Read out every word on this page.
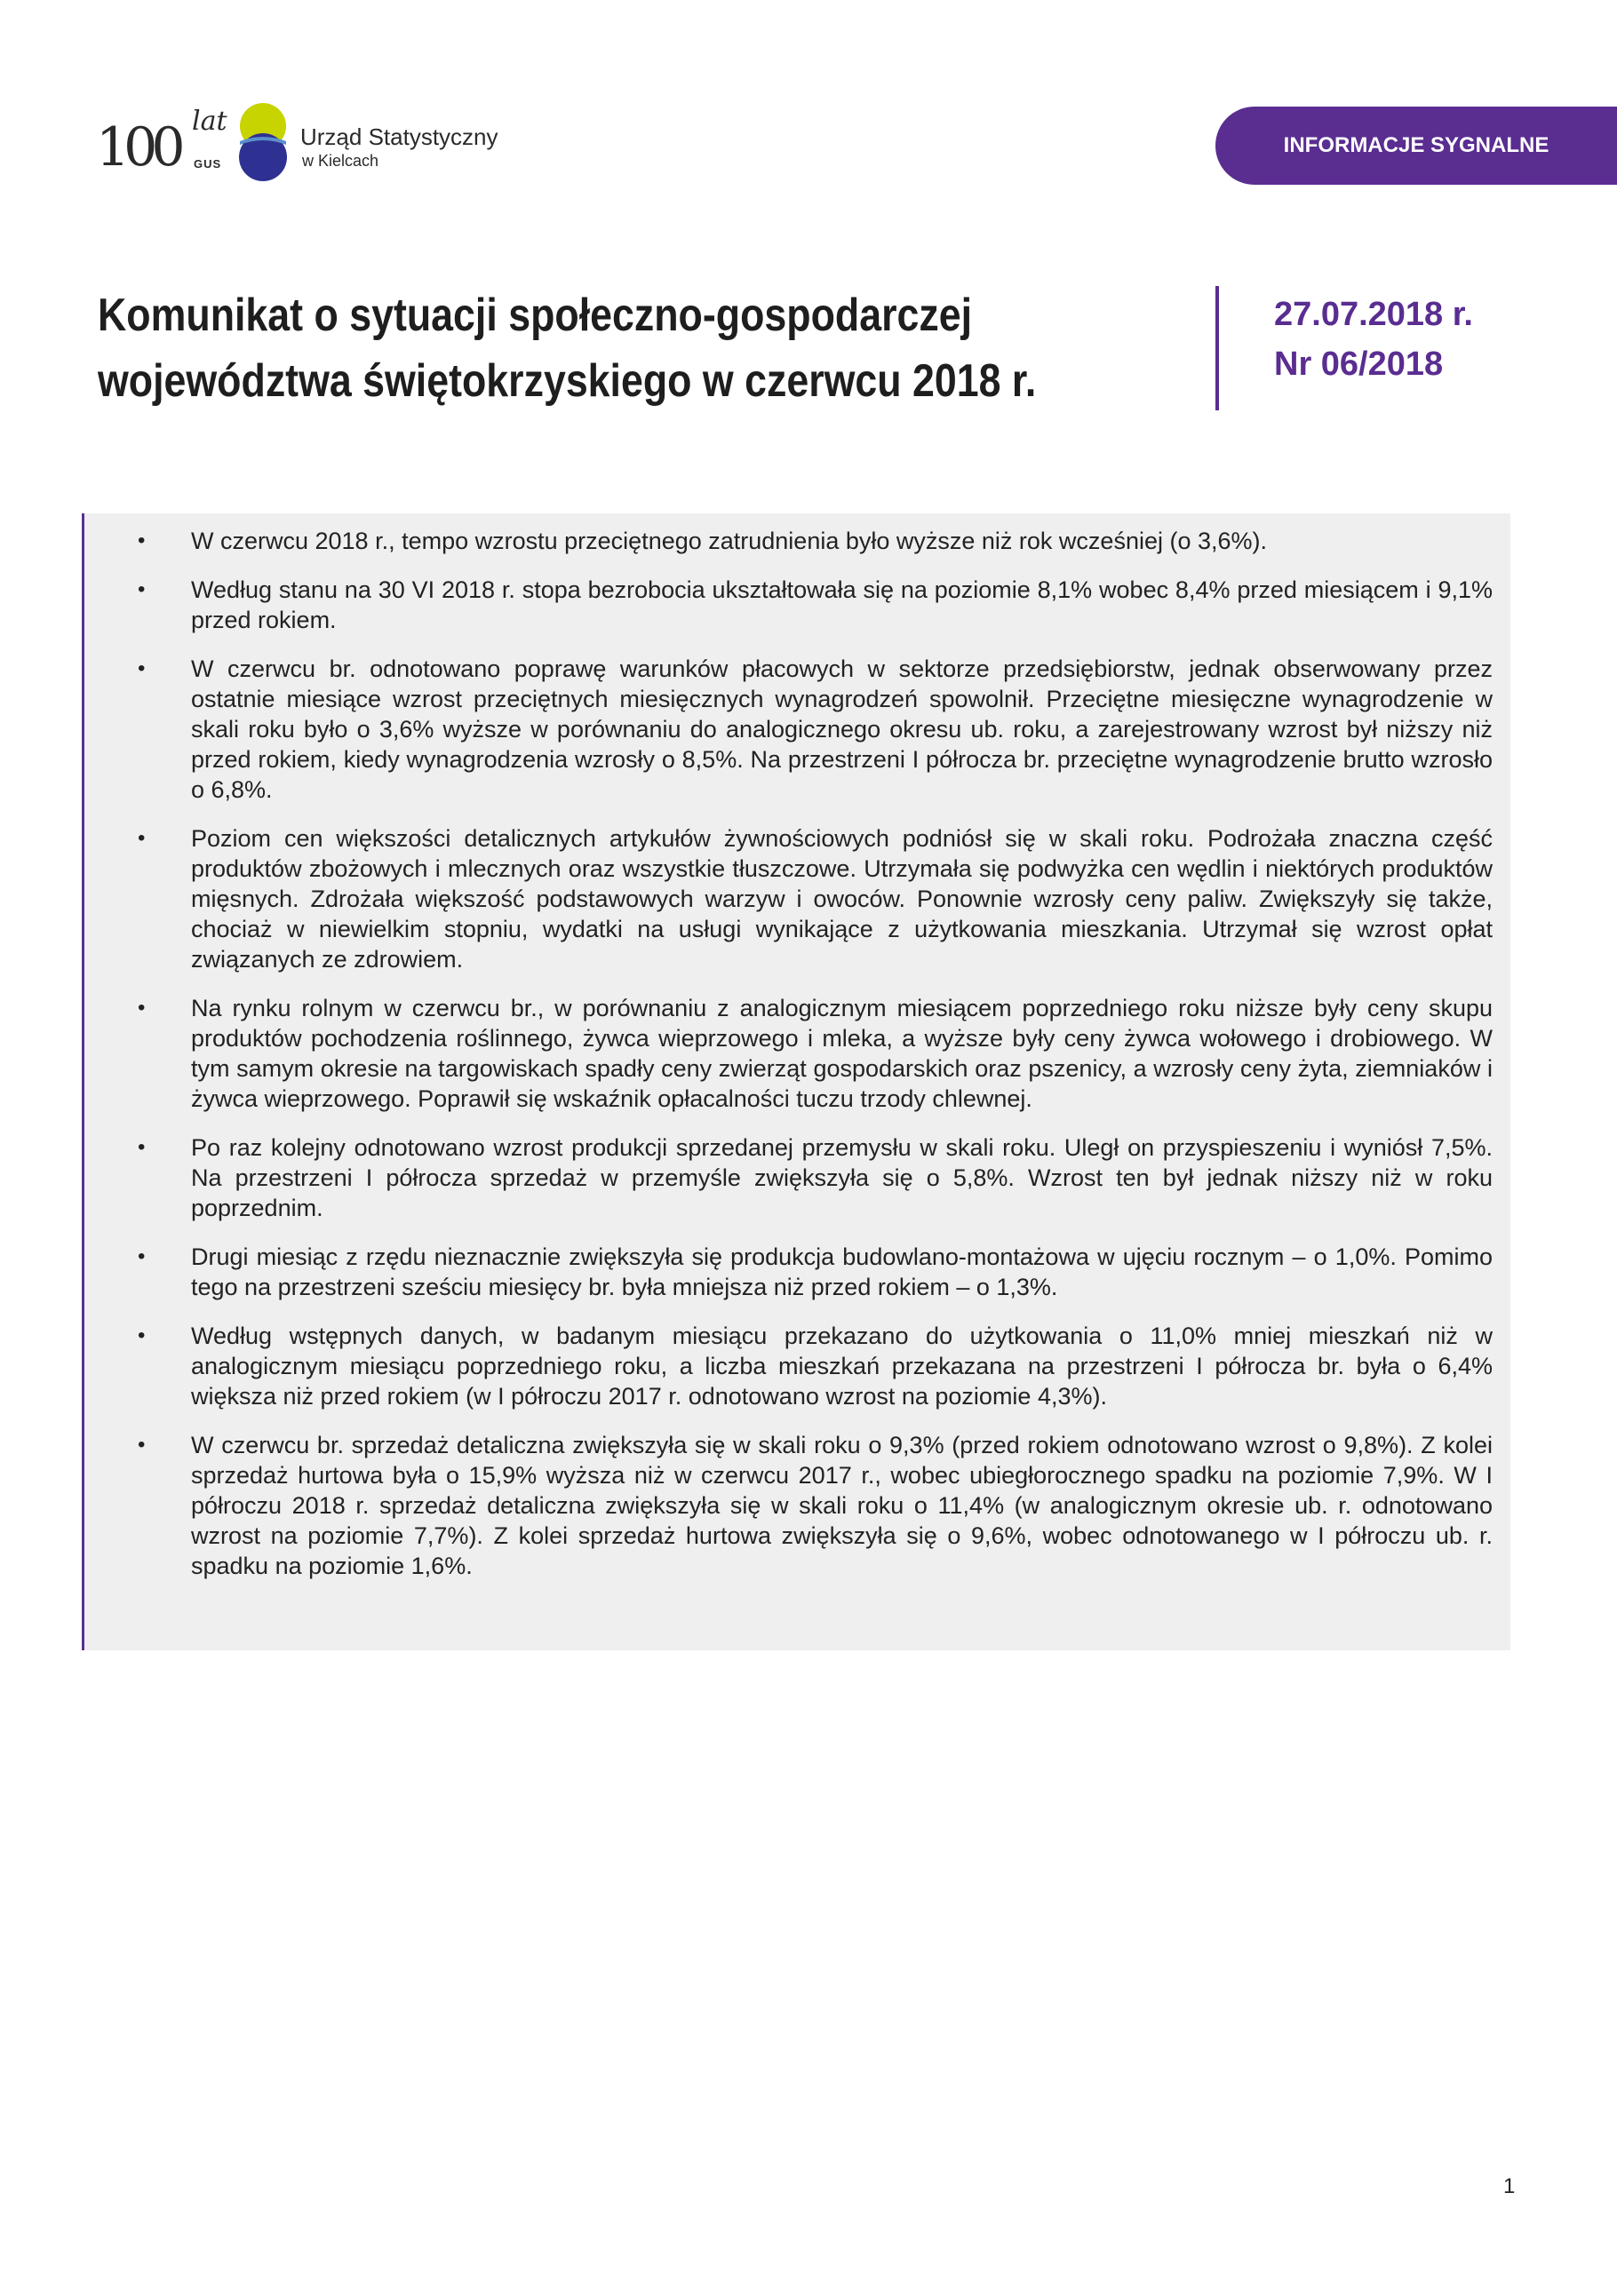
100 lat
GUS
Urząd Statystyczny
w Kielcach
INFORMACJE SYGNALNE
Komunikat o sytuacji społeczno-gospodarczej
województwa świętokrzyskiego w czerwcu 2018 r.

27.07.2018 r.

Nr 06/2018

• W czerwcu 2018 r., tempo wzrostu przeciętnego zatrudnienia było wyższe niż rok wcześniej (o 3,6%).
• Według stanu na 30 VI 2018 r. stopa bezrobocia ukształtowała się na poziomie 8,1% wobec 8,4% przed miesiącem i 9,1% przed rokiem.
• W czerwcu br. odnotowano poprawę warunków płacowych w sektorze przedsiębiorstw, jednak obserwowany przez ostatnie miesiące wzrost przeciętnych miesięcznych wynagrodzeń spowolnił. Przeciętne miesięczne wynagrodzenie w skali roku było o 3,6% wyższe w porównaniu do analogicznego okresu ub. roku, a zarejestrowany wzrost był niższy niż przed rokiem, kiedy wynagrodzenia wzrosły o 8,5%. Na przestrzeni I półrocza br. przeciętne wynagrodzenie brutto wzrosło o 6,8%.
• Poziom cen większości detalicznych artykułów żywnościowych podniósł się w skali roku. Podrożała znaczna część produktów zbożowych i mlecznych oraz wszystkie tłuszczowe. Utrzymała się podwyżka cen wędlin i niektórych produktów mięsnych. Zdrożała większość podstawowych warzyw i owoców. Ponownie wzrosły ceny paliw. Zwiększyły się także, chociaż w niewielkim stopniu, wydatki na usługi wynikające z użytkowania mieszkania. Utrzymał się wzrost opłat związanych ze zdrowiem.
• Na rynku rolnym w czerwcu br., w porównaniu z analogicznym miesiącem poprzedniego roku niższe były ceny skupu produktów pochodzenia roślinnego, żywca wieprzowego i mleka, a wyższe były ceny żywca wołowego i drobiowego. W tym samym okresie na targowiskach spadły ceny zwierząt gospodarskich oraz pszenicy, a wzrosły ceny żyta, ziemniaków i żywca wieprzowego. Poprawił się wskaźnik opłacalności tuczu trzody chlewnej.
• Po raz kolejny odnotowano wzrost produkcji sprzedanej przemysłu w skali roku. Uległ on przyspieszeniu i wyniósł 7,5%. Na przestrzeni I półrocza sprzedaż w przemyśle zwiększyła się o 5,8%. Wzrost ten był jednak niższy niż w roku poprzednim.
• Drugi miesiąc z rzędu nieznacznie zwiększyła się produkcja budowlano-montażowa w ujęciu rocznym – o 1,0%. Pomimo tego na przestrzeni sześciu miesięcy br. była mniejsza niż przed rokiem – o 1,3%.
• Według wstępnych danych, w badanym miesiącu przekazano do użytkowania o 11,0% mniej mieszkań niż w analogicznym miesiącu poprzedniego roku, a liczba mieszkań przekazana na przestrzeni I półrocza br. była o 6,4% większa niż przed rokiem (w I półroczu 2017 r. odnotowano wzrost na poziomie 4,3%).
• W czerwcu br. sprzedaż detaliczna zwiększyła się w skali roku o 9,3% (przed rokiem odnotowano wzrost o 9,8%). Z kolei sprzedaż hurtowa była o 15,9% wyższa niż w czerwcu 2017 r., wobec ubiegłorocznego spadku na poziomie 7,9%. W I półroczu 2018 r. sprzedaż detaliczna zwiększyła się w skali roku o 11,4% (w analogicznym okresie ub. r. odnotowano wzrost na poziomie 7,7%). Z kolei sprzedaż hurtowa zwiększyła się o 9,6%, wobec odnotowanego w I półroczu ub. r. spadku na poziomie 1,6%.
1
